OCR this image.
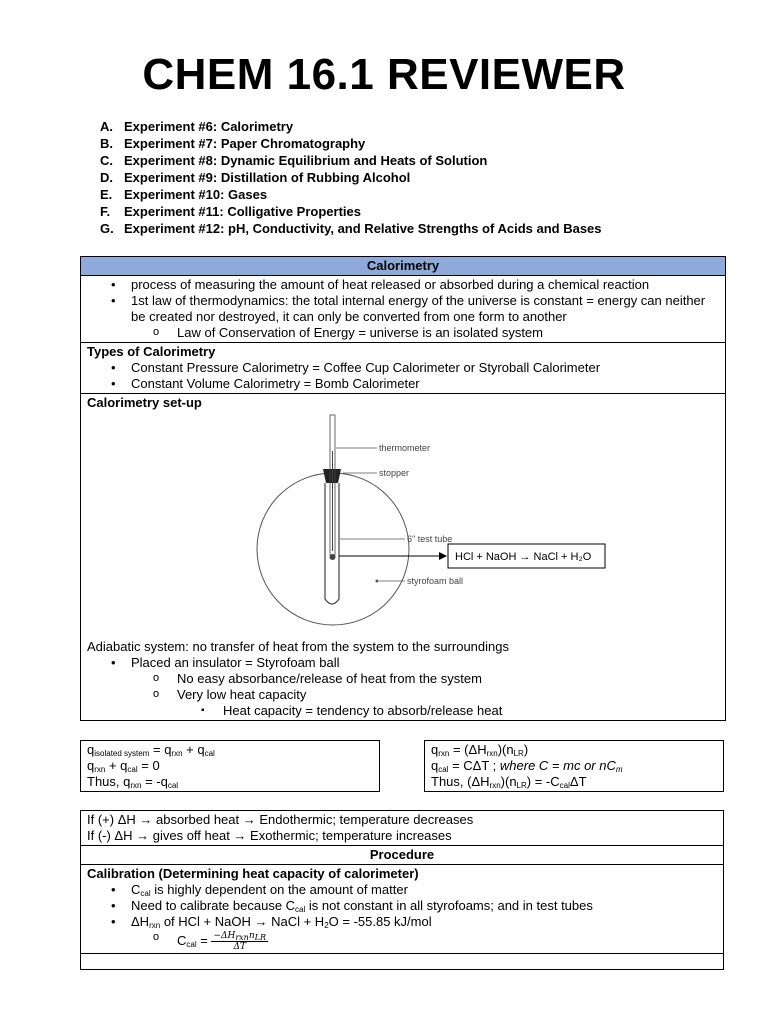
CHEM 16.1 REVIEWER
A. Experiment #6: Calorimetry
B. Experiment #7: Paper Chromatography
C. Experiment #8: Dynamic Equilibrium and Heats of Solution
D. Experiment #9: Distillation of Rubbing Alcohol
E. Experiment #10: Gases
F.	Experiment #11: Colligative Properties
G. Experiment #12: pH, Conductivity, and Relative Strengths of Acids and Bases
Calorimetry

• process of measuring the amount of heat released or absorbed during a chemical reaction
• 1st law of thermodynamics: the total internal energy of the universe is constant = energy can neither be created nor destroyed, it can only be converted from one form to another
o Law of Conservation of Energy = universe is an isolated system

Types of Calorimetry
• Constant Pressure Calorimetry = Coffee Cup Calorimeter or Styroball Calorimeter
• Constant Volume Calorimetry = Bomb Calorimeter

Calorimetry set-up
thermometer
stopper
6" test tube
styrofoam ball
HCl + NaOH → NaCl + H₂O
Adiabatic system: no transfer of heat from the system to the surroundings
• Placed an insulator = Styrofoam ball
o No easy absorbance/release of heat from the system
o Very low heat capacity
▪ Heat capacity = tendency to absorb/release heat
$q_{isolated system} = q_{rxn} + q_{cal}$
$q_{rxn} + q_{cal} = 0$
Thus, $q_{rxn} = -q_{cal}$
$q_{rxn} = (\Delta H_{rxn})(n_{LR})$
$q_{cal} = C\Delta T$ ; where C = mc or $nC_m$
Thus, $(\Delta H_{rxn})(n_{LR}) = -C_{cal}\Delta T$
If (+) ΔH → absorbed heat → Endothermic; temperature decreases
If (-) ΔH → gives off heat → Exothermic; temperature increases

Procedure

Calibration (Determining heat capacity of calorimeter)
• $C_{cal}$ is highly dependent on the amount of matter
• Need to calibrate because $C_{cal}$ is not constant in all styrofoams; and in test tubes
• $\Delta H_{rxn}$ of HCl + NaOH → NaCl + $H_2O = -55.85$ kJ/mol
o $C_{cal} = \frac{-\Delta H_{rxn}n_{LR}}{\Delta T}$
